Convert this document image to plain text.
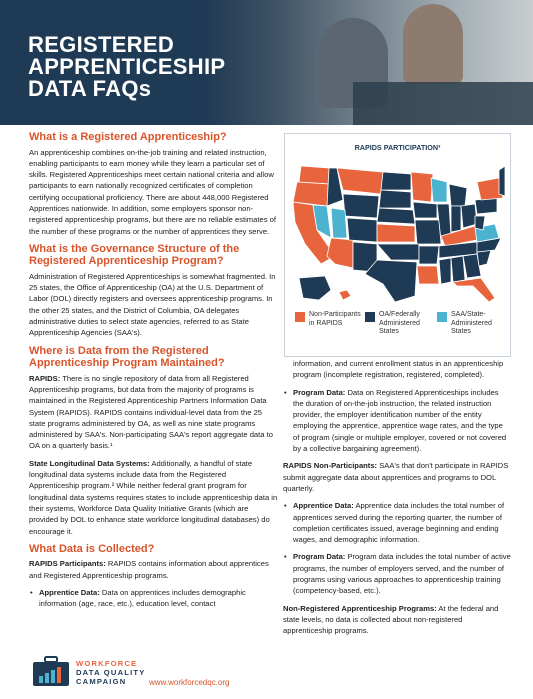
REGISTERED
APPRENTICESHIP
DATA FAQs
What is a Registered Apprenticeship?

An apprenticeship combines on-the-job training and related instruction, enabling participants to earn money while they learn a particular set of skills. Registered Apprenticeships meet certain national criteria and allow participants to earn nationally recognized certificates of completion certifying occupational proficiency. There are about 448,000 Registered Apprentices nationwide. In addition, some employers sponsor non-registered apprenticeship programs, but there are no reliable estimates of the number of these programs or the number of apprentices they serve.

What is the Governance Structure of the Registered Apprenticeship Program?

Administration of Registered Apprenticeships is somewhat fragmented. In 25 states, the Office of Apprenticeship (OA) at the U.S. Department of Labor (DOL) directly registers and oversees apprenticeship programs. In the other 25 states, and the District of Columbia, OA delegates administrative duties to select state agencies, referred to as State Apprenticeship Agencies (SAA's).

Where is Data from the Registered Apprenticeship Program Maintained?

RAPIDS: There is no single repository of data from all Registered Apprenticeship programs, but data from the majority of programs is maintained in the Registered Apprenticeship Partners Information Data System (RAPIDS). RAPIDS contains individual-level data from the 25 state programs administered by OA, as well as nine state programs administered by SAA's. Non-participating SAA's report aggregate data to OA on a quarterly basis.¹

State Longitudinal Data Systems: Additionally, a handful of state longitudinal data systems include data from the Registered Apprenticeship program.² While neither federal grant program for longitudinal data systems requires states to include apprenticeship data in their systems, Workforce Data Quality Initiative Grants (which are provided by DOL to enhance state workforce longitudinal databases) do encourage it.

What Data is Collected?

RAPIDS Participants: RAPIDS contains information about apprentices and Registered Apprenticeship programs.

• Apprentice Data: Data on apprentices includes demographic information (age, race, etc.), education level, contact
RAPIDS PARTICIPATION³
Non-Participants in RAPIDS
OA/Federally Administered States
SAA/State-Administered States

information, and current enrollment status in an apprenticeship program (incomplete registration, registered, completed).

• Program Data: Data on Registered Apprenticeships includes the duration of on-the-job instruction, the related instruction provider, the employer identification number of the entity employing the apprentice, apprentice wage rates, and the type of program (single or multiple employer, covered or not covered by a collective bargaining agreement).

RAPIDS Non-Participants: SAA's that don't participate in RAPIDS submit aggregate data about apprentices and programs to DOL quarterly.

• Apprentice Data: Apprentice data includes the total number of apprentices served during the reporting quarter, the number of completion certificates issued, average beginning and ending wages, and demographic information.
• Program Data: Program data includes the total number of active programs, the number of employers served, and the number of programs using various approaches to apprenticeship training (competency-based, etc.).

Non-Registered Apprenticeship Programs: At the federal and state levels, no data is collected about non-registered apprenticeship programs.

WORKFORCE
DATA QUALITY
CAMPAIGN	www.workforcedqc.org
